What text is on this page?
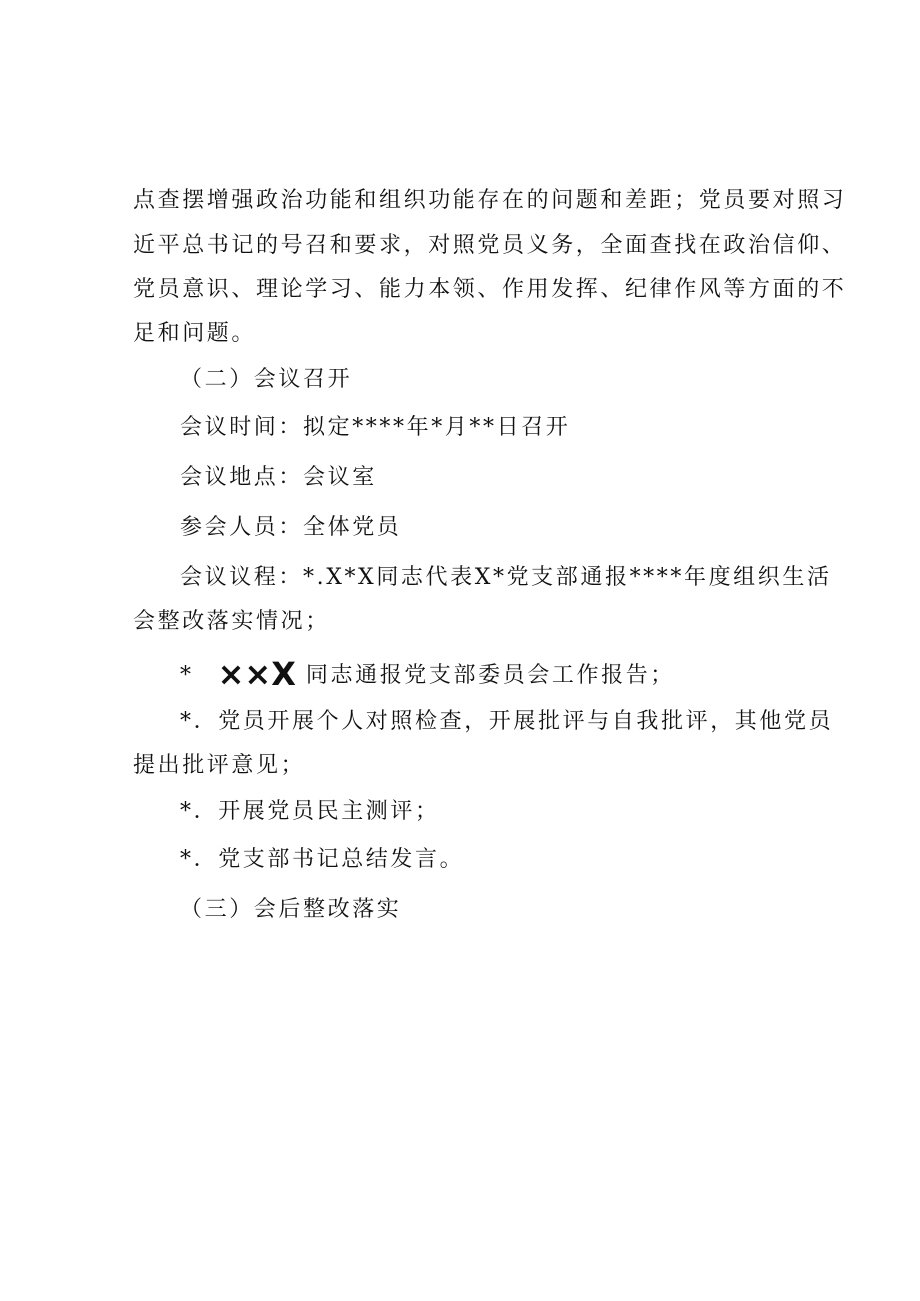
点查摆增强政治功能和组织功能存在的问题和差距；党员要对照习
近平总书记的号召和要求，对照党员义务，全面查找在政治信仰、
党员意识、理论学习、能力本领、作用发挥、纪律作风等方面的不
足和问题。
（二）会议召开
会议时间：拟定****年*月**日召开
会议地点：会议室
参会人员：全体党员
会议议程：*.X*X同志代表X*党支部通报****年度组织生活
会整改落实情况；
* ××X 同志通报党支部委员会工作报告；
*．党员开展个人对照检查，开展批评与自我批评，其他党员
提出批评意见；
*．开展党员民主测评；
*．党支部书记总结发言。
（三）会后整改落实
